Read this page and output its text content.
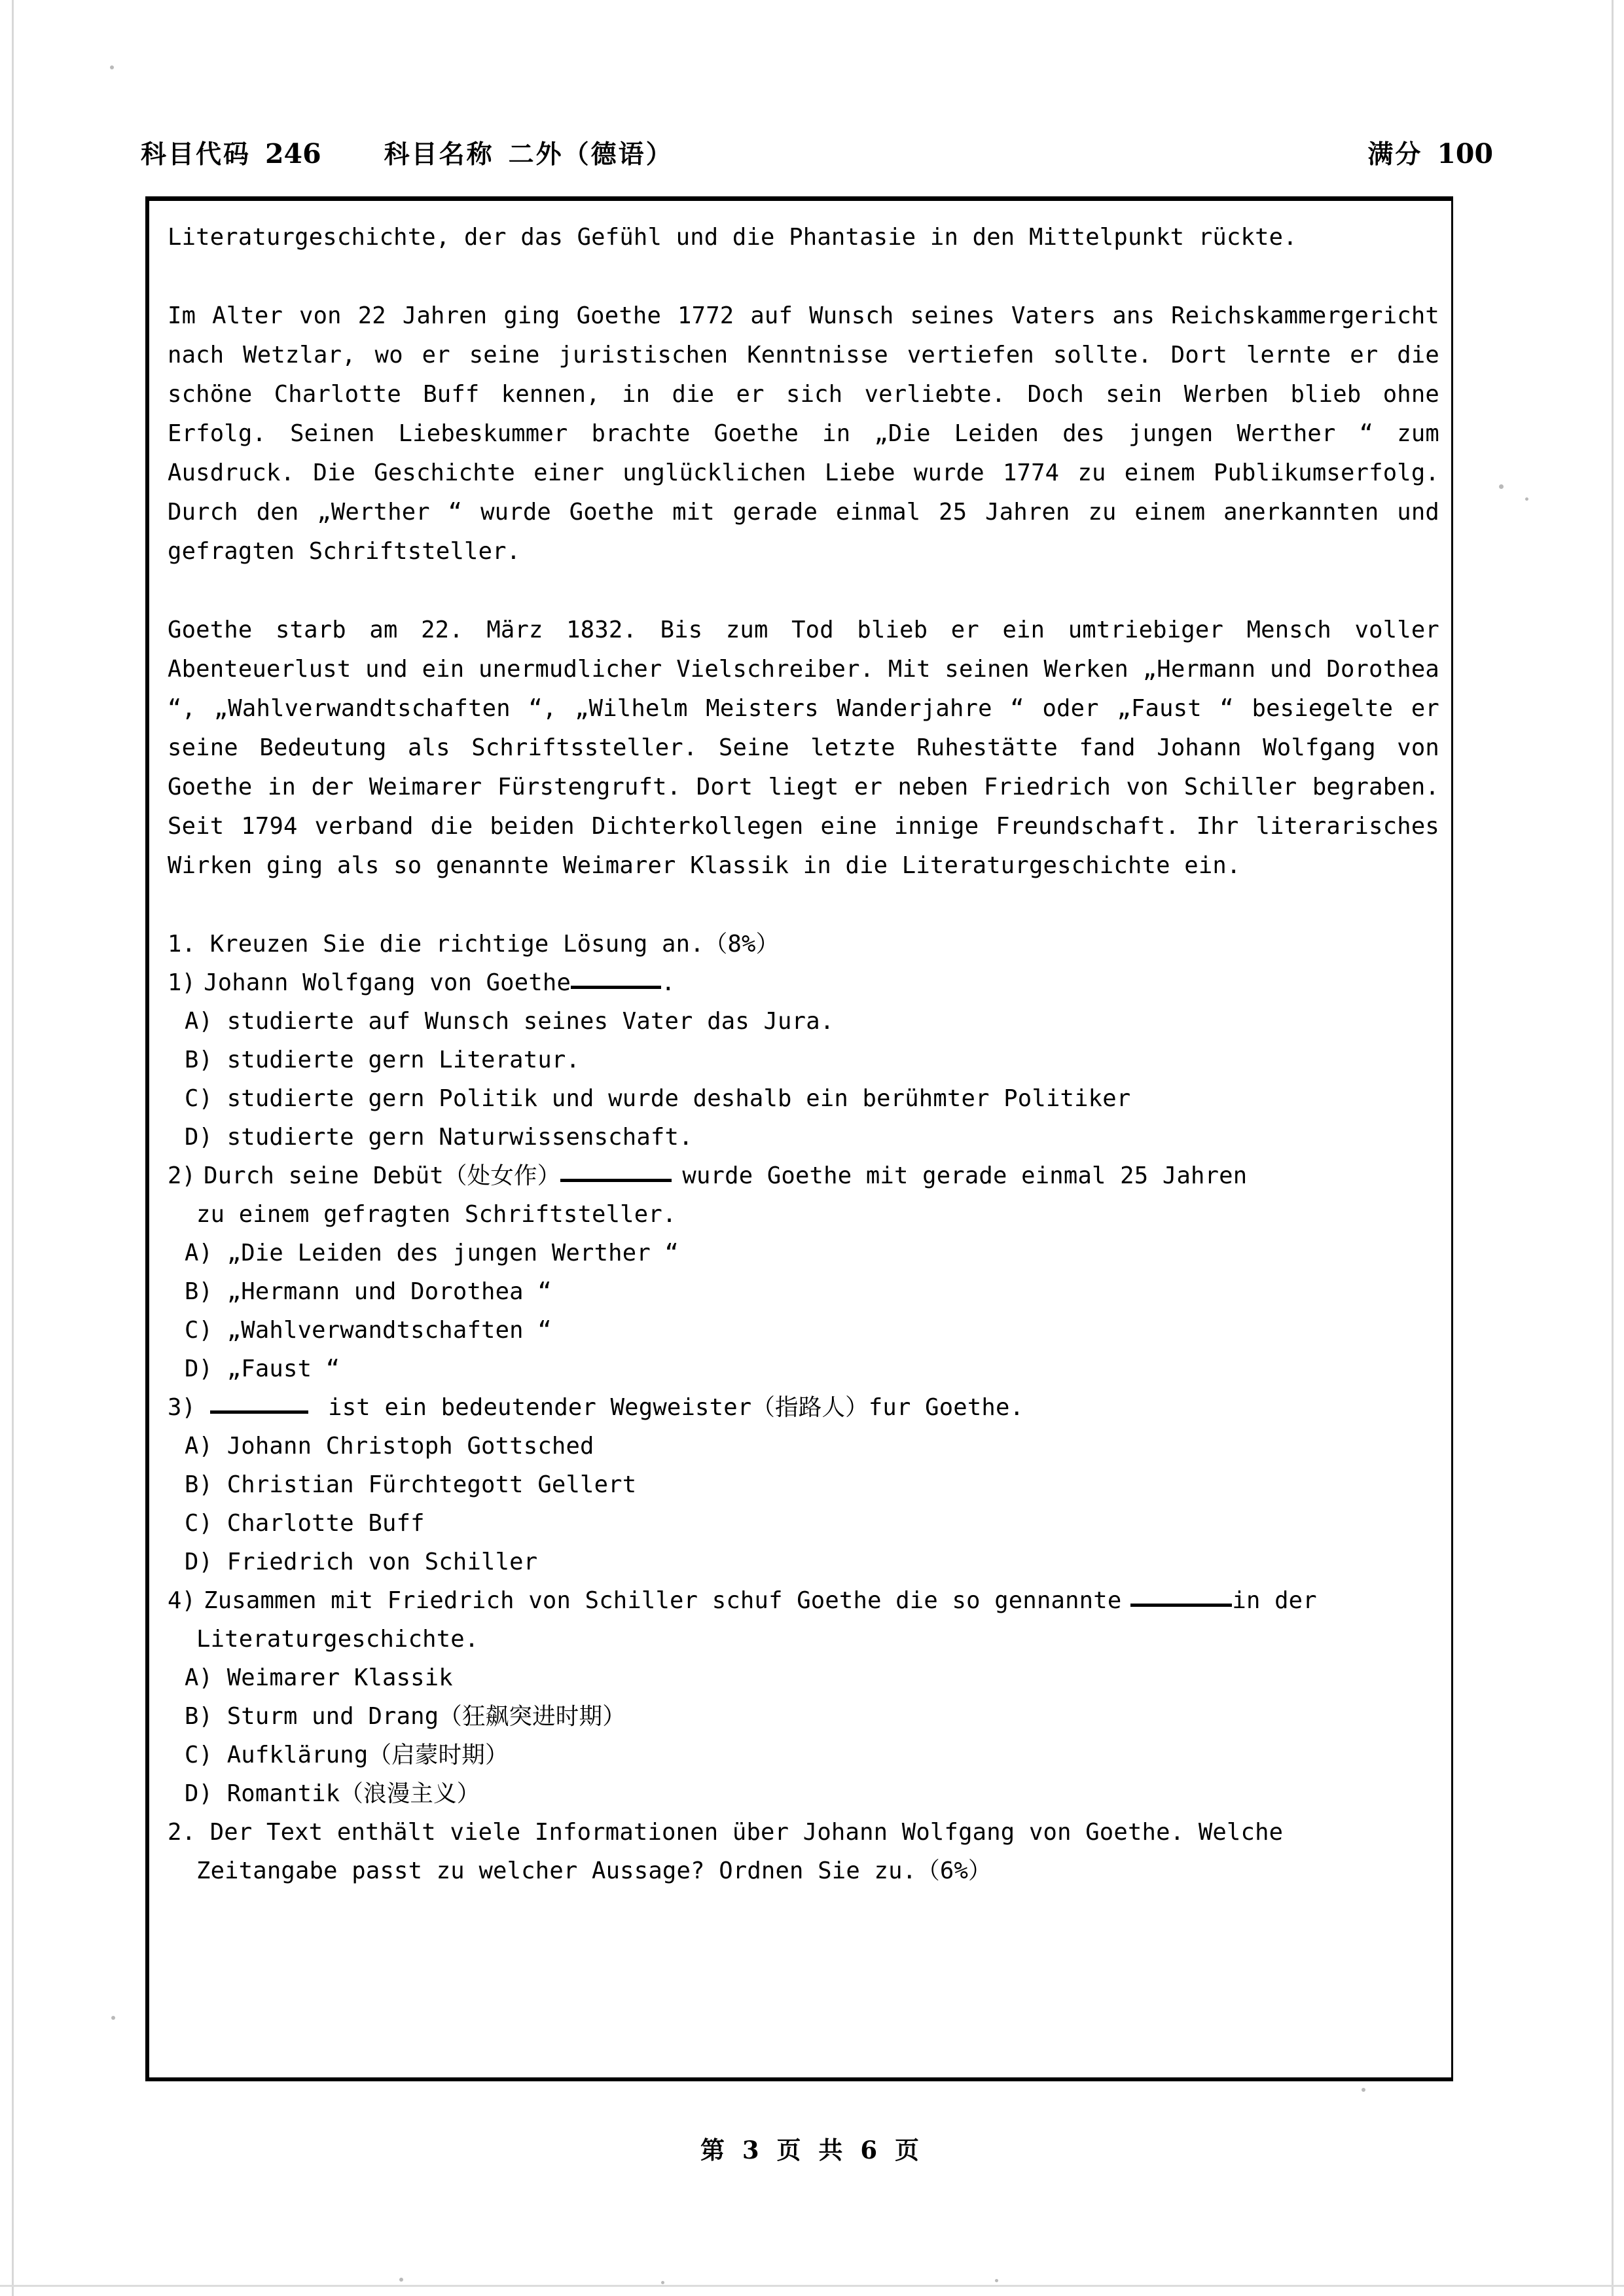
科目代码 246 科目名称 二外（德语）	满分 100

Literaturgeschichte, der das Gefühl und die Phantasie in den Mittelpunkt rückte.

Im Alter von 22 Jahren ging Goethe 1772 auf Wunsch seines Vaters ans Reichskammergericht nach Wetzlar, wo er seine juristischen Kenntnisse vertiefen sollte. Dort lernte er die schöne Charlotte Buff kennen, in die er sich verliebte. Doch sein Werben blieb ohne Erfolg. Seinen Liebeskummer brachte Goethe in „Die Leiden des jungen Werther “ zum Ausdruck. Die Geschichte einer unglücklichen Liebe wurde 1774 zu einem Publikumserfolg. Durch den „Werther “ wurde Goethe mit gerade einmal 25 Jahren zu einem anerkannten und gefragten Schriftsteller.

Goethe starb am 22. März 1832. Bis zum Tod blieb er ein umtriebiger Mensch voller Abenteuerlust und ein unermudlicher Vielschreiber. Mit seinen Werken „Hermann und Dorothea “, „Wahlverwandtschaften “, „Wilhelm Meisters Wanderjahre “ oder „Faust “ besiegelte er seine Bedeutung als Schriftssteller. Seine letzte Ruhestätte fand Johann Wolfgang von Goethe in der Weimarer Fürstengruft. Dort liegt er neben Friedrich von Schiller begraben. Seit 1794 verband die beiden Dichterkollegen eine innige Freundschaft. Ihr literarisches Wirken ging als so genannte Weimarer Klassik in die Literaturgeschichte ein.

1. Kreuzen Sie die richtige Lösung an.（8%）

1) Johann Wolfgang von Goethe	.

A) studierte auf Wunsch seines Vater das Jura.

B) studierte gern Literatur.

C) studierte gern Politik und wurde deshalb ein berühmter Politiker

D) studierte gern Naturwissenschaft.

2) Durch seine Debüt（处女作）	wurde Goethe mit gerade einmal 25 Jahren

zu einem gefragten Schriftsteller.

A) „Die Leiden des jungen Werther “

B) „Hermann und Dorothea “

C) „Wahlverwandtschaften “

D) „Faust “

3)	ist ein bedeutender Wegweister（指路人）fur Goethe.

A) Johann Christoph Gottsched

B) Christian Fürchtegott Gellert

C) Charlotte Buff

D) Friedrich von Schiller

4) Zusammen mit Friedrich von Schiller schuf Goethe die so gennannte	in der

Literaturgeschichte.

A) Weimarer Klassik

B) Sturm und Drang（狂飙突进时期）

C) Aufklärung（启蒙时期）

D) Romantik（浪漫主义）

2. Der Text enthält viele Informationen über Johann Wolfgang von Goethe. Welche

Zeitangabe passt zu welcher Aussage? Ordnen Sie zu.（6%）

第 3 页 共 6 页
